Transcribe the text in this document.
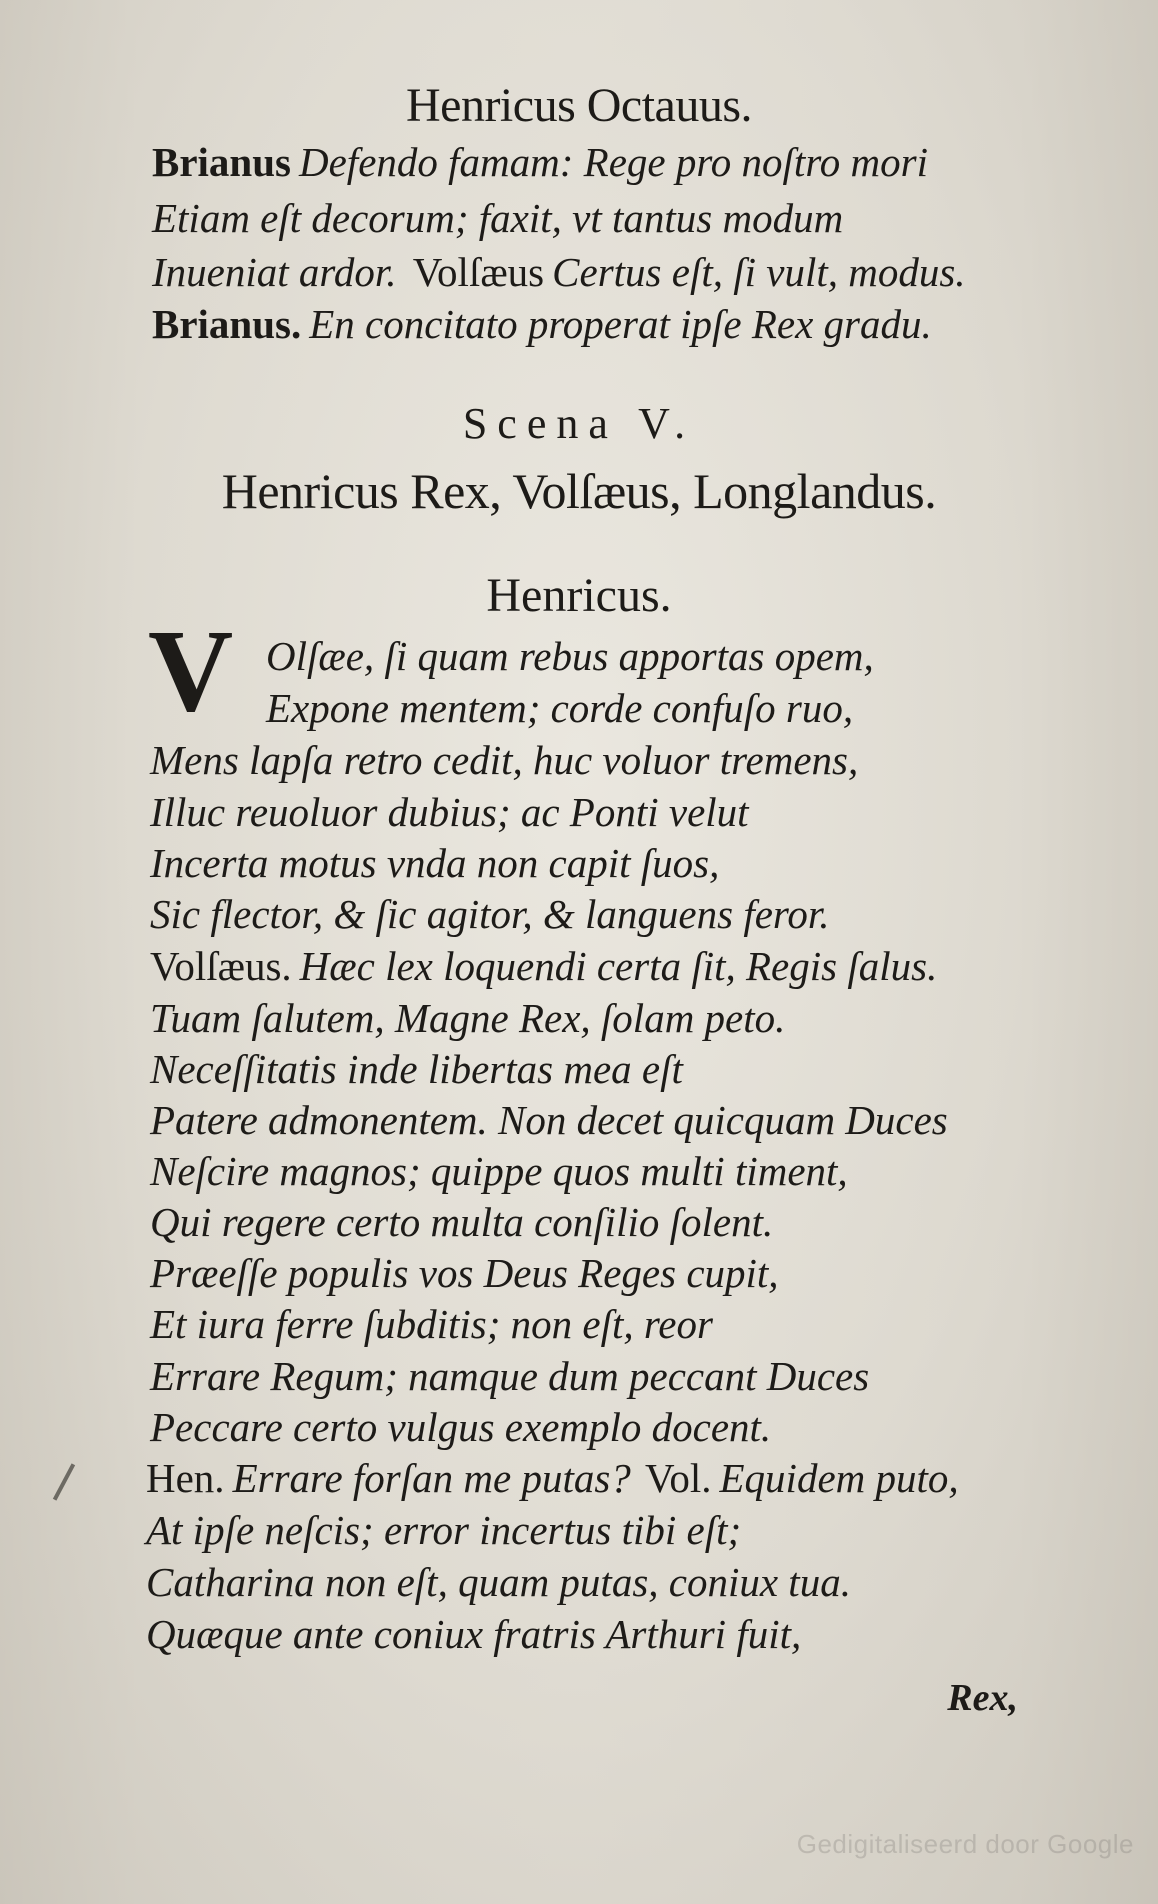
Henricus Octauus.
Brianus Defendo famam: Rege pro noſtro mori
Etiam eſt decorum; faxit, vt tantus modum
Inueniat ardor. Volſæus Certus eſt, ſi vult, modus.
Brianus. En concitato properat ipſe Rex gradu.
Scena V.
Henricus Rex, Volſæus, Longlandus.
Henricus.
V Olſæe, ſi quam rebus apportas opem,
Expone mentem; corde confuſo ruo,
Mens lapſa retro cedit, huc voluor tremens,
Illuc reuoluor dubius; ac Ponti velut
Incerta motus vnda non capit ſuos,
Sic flector, & ſic agitor, & languens feror.
Volſæus. Hæc lex loquendi certa ſit, Regis ſalus.
Tuam ſalutem, Magne Rex, ſolam peto.
Neceſſitatis inde libertas mea eſt
Patere admonentem. Non decet quicquam Duces
Neſcire magnos; quippe quos multi timent,
Qui regere certo multa conſilio ſolent.
Præeſſe populis vos Deus Reges cupit,
Et iura ferre ſubditis; non eſt, reor
Errare Regum; namque dum peccant Duces
Peccare certo vulgus exemplo docent.
Hen. Errare forſan me putas? Vol. Equidem puto,
At ipſe neſcis; error incertus tibi eſt;
Catharina non eſt, quam putas, coniux tua.
Quæque ante coniux fratris Arthuri fuit,
Rex,
Gedigitaliseerd door Google
